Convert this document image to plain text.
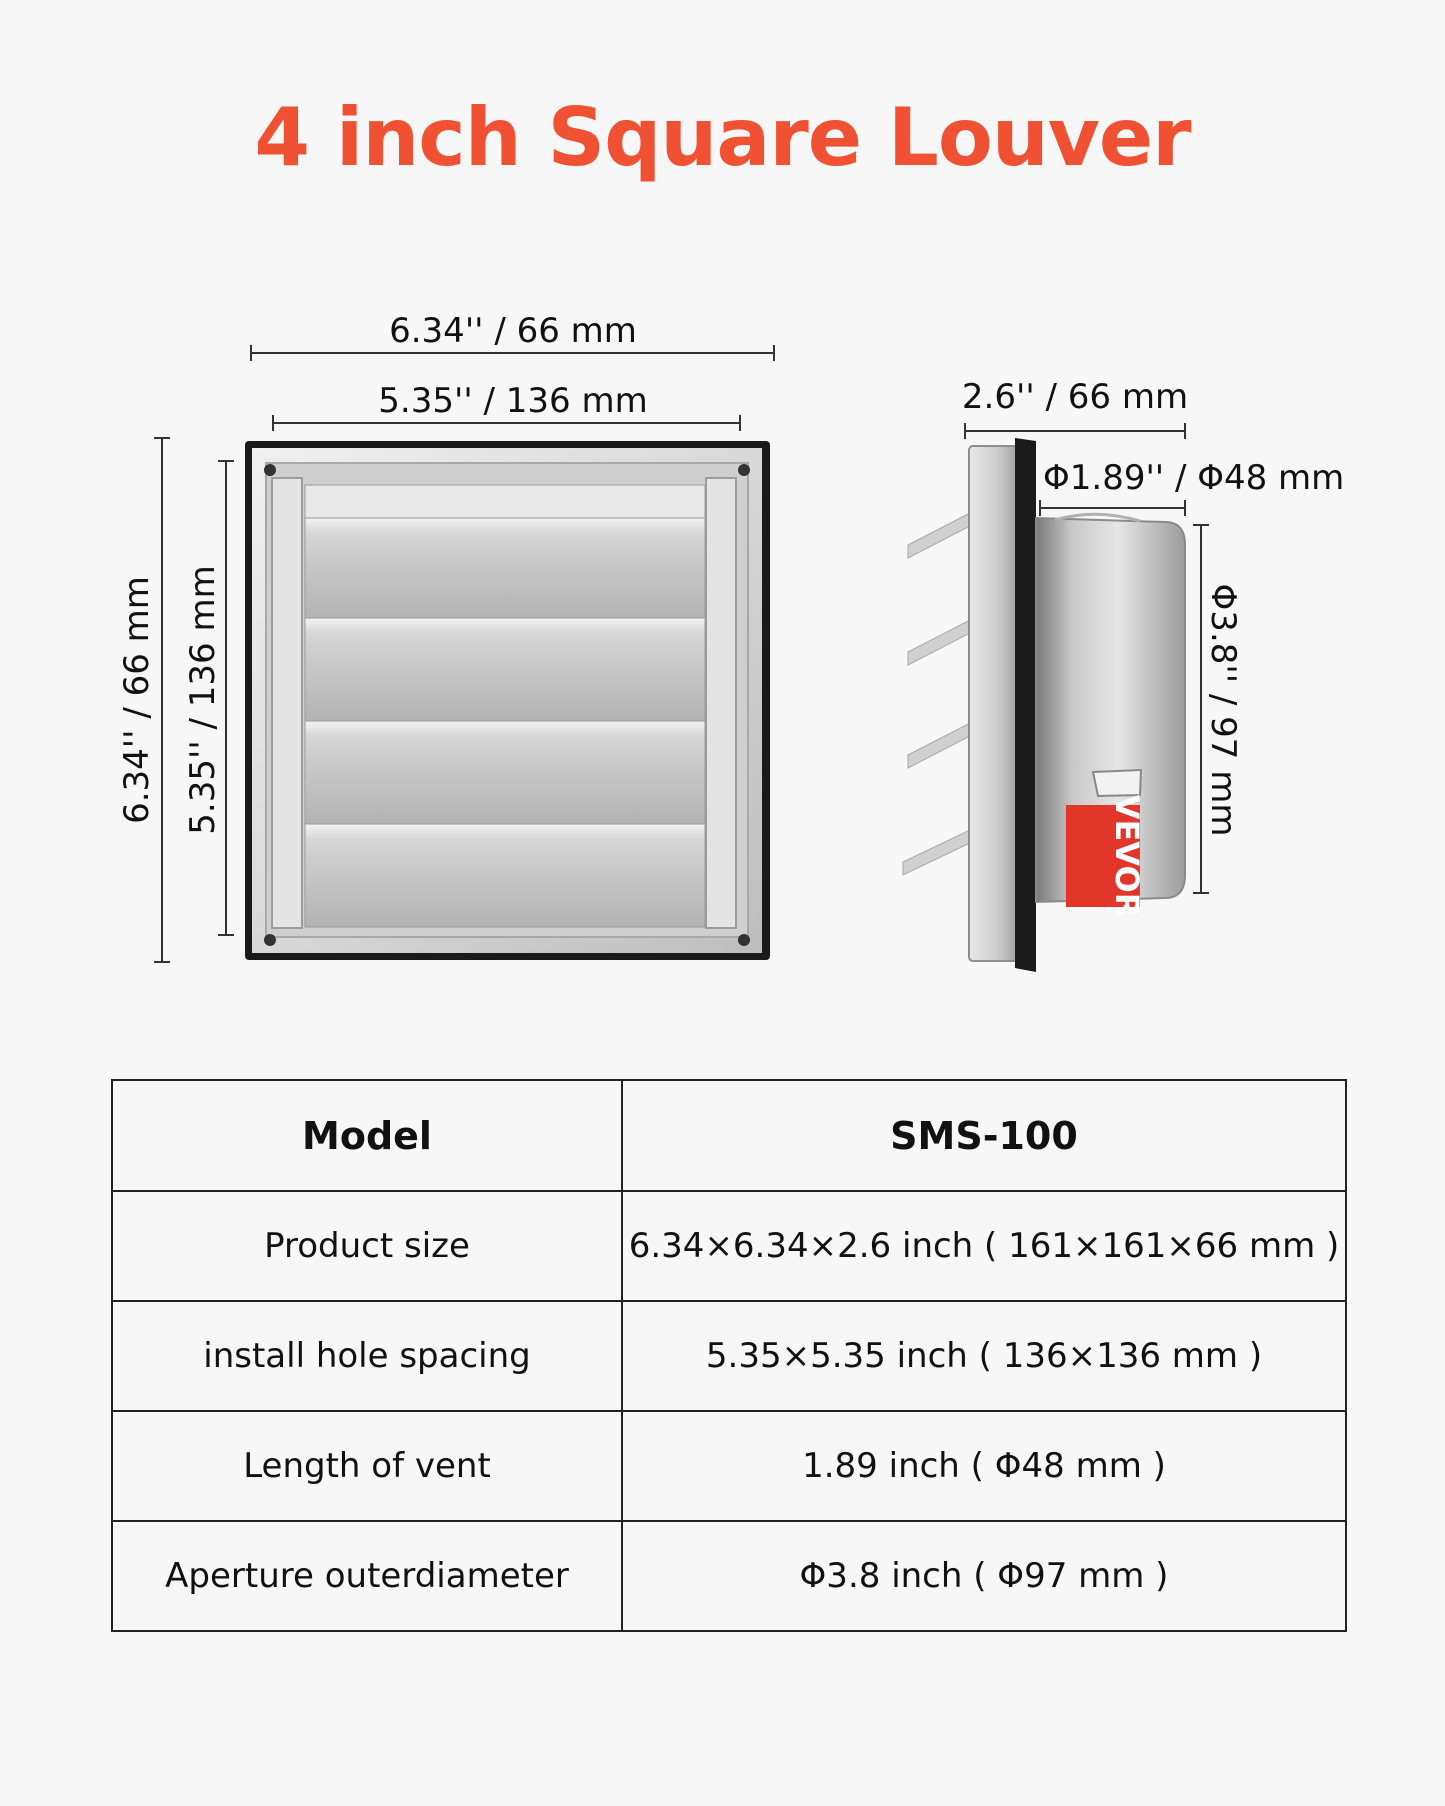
4 inch Square Louver
6.34'' / 66 mm
5.35'' / 136 mm
6.34'' / 66 mm 5.35'' / 136 mm
2.6'' / 66 mm
Φ1.89'' / Φ48 mm
Φ3.8'' / 97 mm
VEVOR
Model	SMS-100
Product size	6.34×6.34×2.6 inch ( 161×161×66 mm )
install hole spacing	5.35×5.35 inch ( 136×136 mm )
Length of vent	1.89 inch ( Φ48 mm )
Aperture outerdiameter	Φ3.8 inch ( Φ97 mm )
